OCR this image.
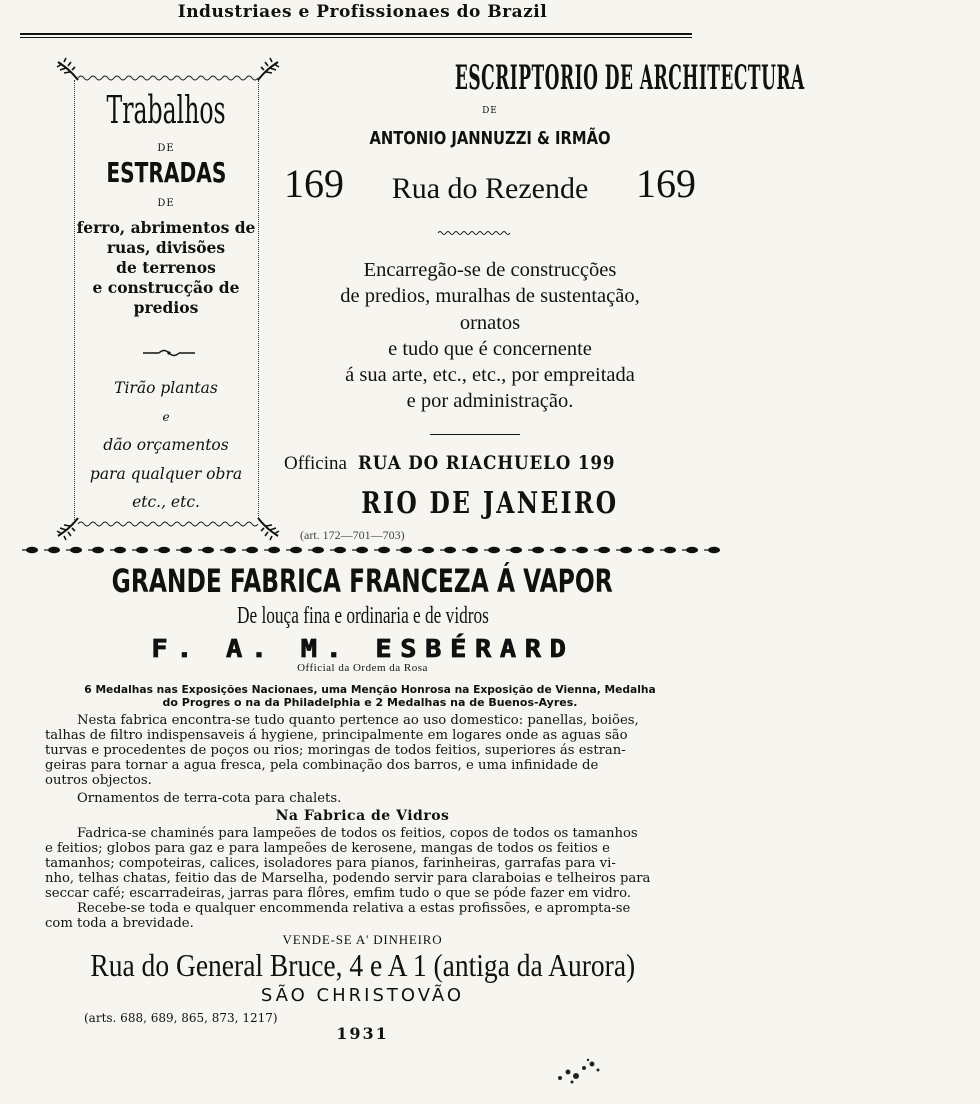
Industriaes e Profissionaes do Brazil
Trabalhos
DE
ESTRADAS
DE
ferro, abrimentos de
ruas, divisões
de terrenos
e construcção de
predios
Tirão plantas
e
dão orçamentos
para qualquer obra
etc., etc.
ESCRIPTORIO DE ARCHITECTURA
DE
ANTONIO JANNUZZI & IRMÃO
169	Rua do Rezende	169
Encarregão-se de construcções
de predios, muralhas de sustentação,
ornatos
e tudo que é concernente
á sua arte, etc., etc., por empreitada
e por administração.
Officina RUA DO RIACHUELO 199
RIO DE JANEIRO
(art. 172—701—703)
GRANDE FABRICA FRANCEZA Á VAPOR
De louça fina e ordinaria e de vidros
F. A. M. ESBÉRARD
Official da Ordem da Rosa
6 Medalhas nas Exposições Nacionaes, uma Menção Honrosa na Exposição de Vienna, Medalha
do Progres o na da Philadelphia e 2 Medalhas na de Buenos-Ayres.
Nesta fabrica encontra-se tudo quanto pertence ao uso domestico: panellas, boiões,
talhas de filtro indispensaveis á hygiene, principalmente em logares onde as aguas são
turvas e procedentes de poços ou rios; moringas de todos feitios, superiores ás estran-
geiras para tornar a agua fresca, pela combinação dos barros, e uma infinidade de
outros objectos.
Ornamentos de terra-cota para chalets.
Na Fabrica de Vidros
Fadrica-se chaminés para lampeões de todos os feitios, copos de todos os tamanhos
e feitios; globos para gaz e para lampeões de kerosene, mangas de todos os feitios e
tamanhos; compoteiras, calices, isoladores para pianos, farinheiras, garrafas para vi-
nho, telhas chatas, feitio das de Marselha, podendo servir para claraboias e telheiros para
seccar café; escarradeiras, jarras para flôres, emfim tudo o que se póde fazer em vidro.
Recebe-se toda e qualquer encommenda relativa a estas profissões, e apromptа-se
com toda a brevidade.
VENDE-SE A' DINHEIRO
Rua do General Bruce, 4 e A 1 (antiga da Aurora)
SÃO CHRISTOVÃO
(arts. 688, 689, 865, 873, 1217)
1931
